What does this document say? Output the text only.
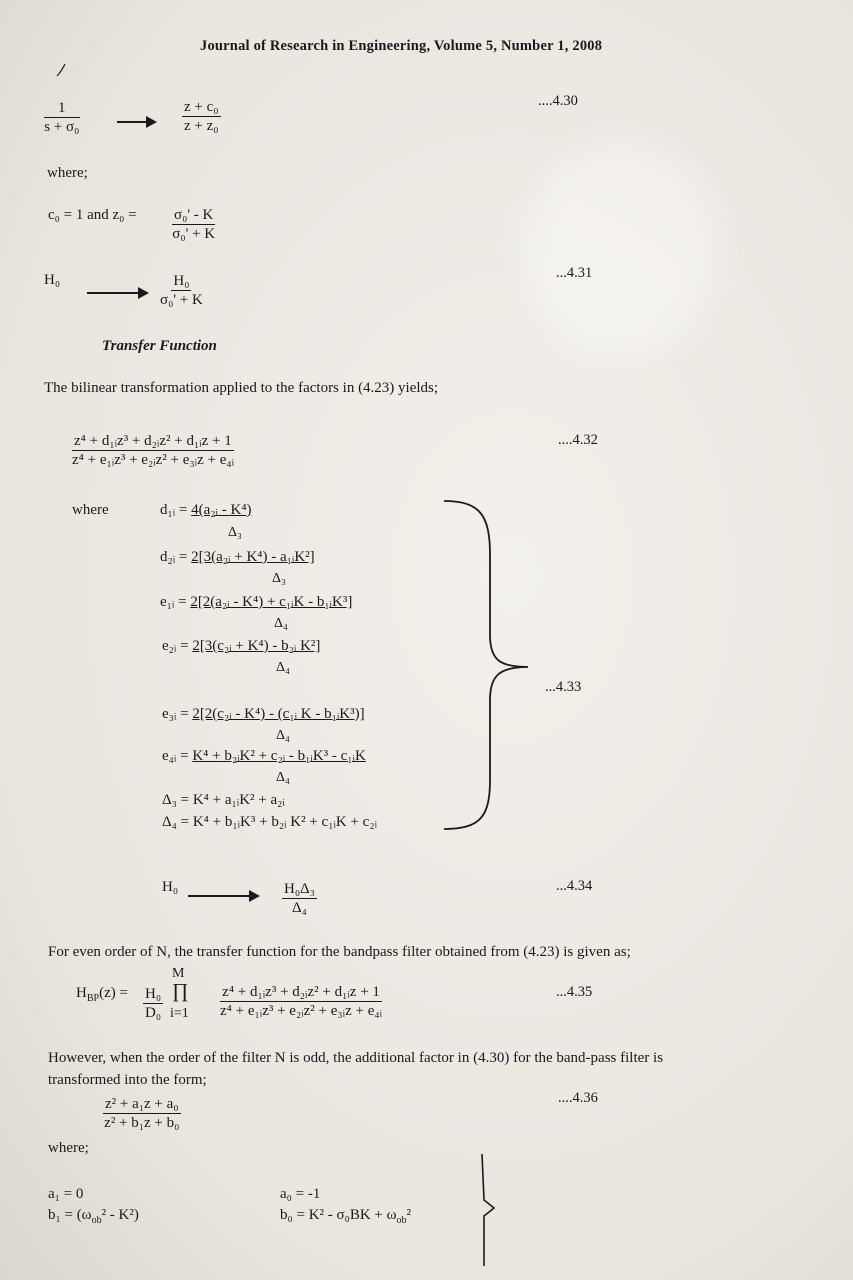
Journal of Research in Engineering, Volume 5, Number 1, 2008
$\frac{1}{\text{s + σ₀}}$	$\frac{\text{z + c₀}}{\text{z + z₀}}$	....4.30
where;
c₀ = 1 and $z_0 = \frac{\text{σ₀' - K}}{\text{σ₀' + K}}$
H₀	$\frac{\text{H₀}}{\text{σ₀' + K}}$	...4.31
Transfer Function
The bilinear transformation applied to the factors in (4.23) yields;
$\frac{\text{z⁴ + d₁ᵢz³ + d₂ᵢz² + d₁ᵢz + 1}}{\text{z⁴ + e₁ᵢz³ + e₂ᵢz² + e₃ᵢz + e₄ᵢ}}$	....4.32
where	d₁ᵢ = 4(a₂ᵢ - K⁴)
Δ₃
d₂ᵢ = 2[3(a₂ᵢ + K⁴) - a₁ᵢK²]
Δ₃
e₁ᵢ = 2[2(a₂ᵢ - K⁴) + c₁ᵢK - b₁ᵢK³]
Δ₄
e₂ᵢ = 2[3(c₂ᵢ + K⁴) - b₂ᵢ K²]
Δ₄
e₃ᵢ = 2[2(c₂ᵢ - K⁴) - (c₁ᵢ K - b₁ᵢK³)]
Δ₄
e₄ᵢ = K⁴ + b₂ᵢK² + c₂ᵢ - b₁ᵢK³ - c₁ᵢK
Δ₄
Δ₃ = K⁴ + a₁ᵢK² + a₂ᵢ
Δ₄ = K⁴ + b₁ᵢK³ + b₂ᵢ K² + c₁ᵢK + c₂ᵢ
...4.33
H₀	$\frac{\text{H₀Δ₃}}{\text{Δ₄}}$	...4.34
For even order of N, the transfer function for the bandpass filter obtained from (4.23) is given as;
$H_{BP}(z) = \frac{\text{H₀}}{\text{D₀}}$
M
∏
$i=1 \frac{\text{z⁴ + d₁ᵢz³ + d₂ᵢz² + d₁ᵢz + 1}}{\text{z⁴ + e₁ᵢz³ + e₂ᵢz² + e₃ᵢz + e₄ᵢ}}$	...4.35
However, when the order of the filter N is odd, the additional factor in (4.30) for the band-pass filter is
transformed into the form;
$\frac{\text{z² + a₁z + a₀}}{\text{z² + b₁z + b₀}}$	....4.36
where;
a₁ = 0
$b_1 = (\omega_{ob}^2 - K^2)$
a₀ = -1
$b_0 = K^2 - \sigma_0BK + \omega_{ob}^2$
